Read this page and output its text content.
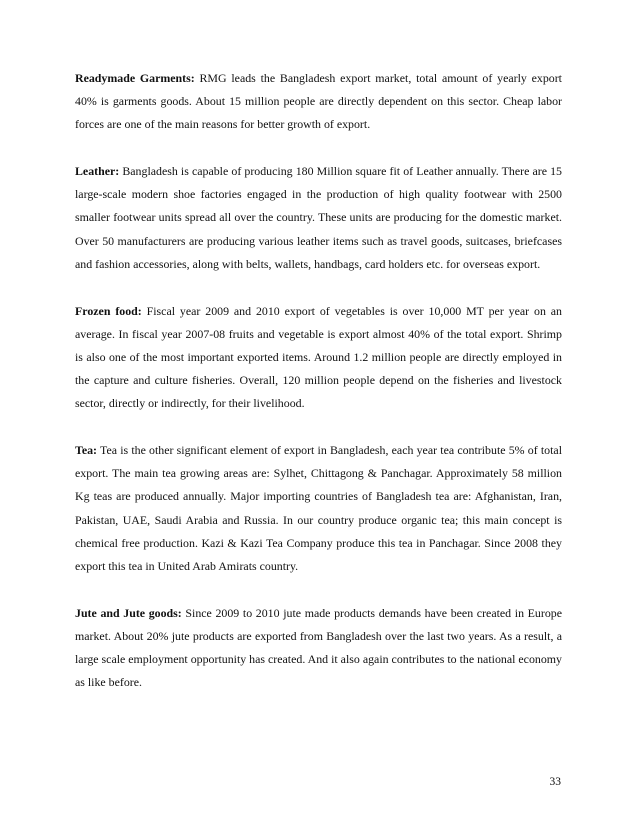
Readymade Garments: RMG leads the Bangladesh export market, total amount of yearly export 40% is garments goods. About 15 million people are directly dependent on this sector. Cheap labor forces are one of the main reasons for better growth of export.

Leather: Bangladesh is capable of producing 180 Million square fit of Leather annually. There are 15 large-scale modern shoe factories engaged in the production of high quality footwear with 2500 smaller footwear units spread all over the country. These units are producing for the domestic market. Over 50 manufacturers are producing various leather items such as travel goods, suitcases, briefcases and fashion accessories, along with belts, wallets, handbags, card holders etc. for overseas export.

Frozen food: Fiscal year 2009 and 2010 export of vegetables is over 10,000 MT per year on an average. In fiscal year 2007-08 fruits and vegetable is export almost 40% of the total export. Shrimp is also one of the most important exported items. Around 1.2 million people are directly employed in the capture and culture fisheries. Overall, 120 million people depend on the fisheries and livestock sector, directly or indirectly, for their livelihood.

Tea: Tea is the other significant element of export in Bangladesh, each year tea contribute 5% of total export. The main tea growing areas are: Sylhet, Chittagong & Panchagar. Approximately 58 million Kg teas are produced annually. Major importing countries of Bangladesh tea are: Afghanistan, Iran, Pakistan, UAE, Saudi Arabia and Russia. In our country produce organic tea; this main concept is chemical free production. Kazi & Kazi Tea Company produce this tea in Panchagar. Since 2008 they export this tea in United Arab Amirats country.

Jute and Jute goods: Since 2009 to 2010 jute made products demands have been created in Europe market. About 20% jute products are exported from Bangladesh over the last two years. As a result, a large scale employment opportunity has created. And it also again contributes to the national economy as like before.

33
